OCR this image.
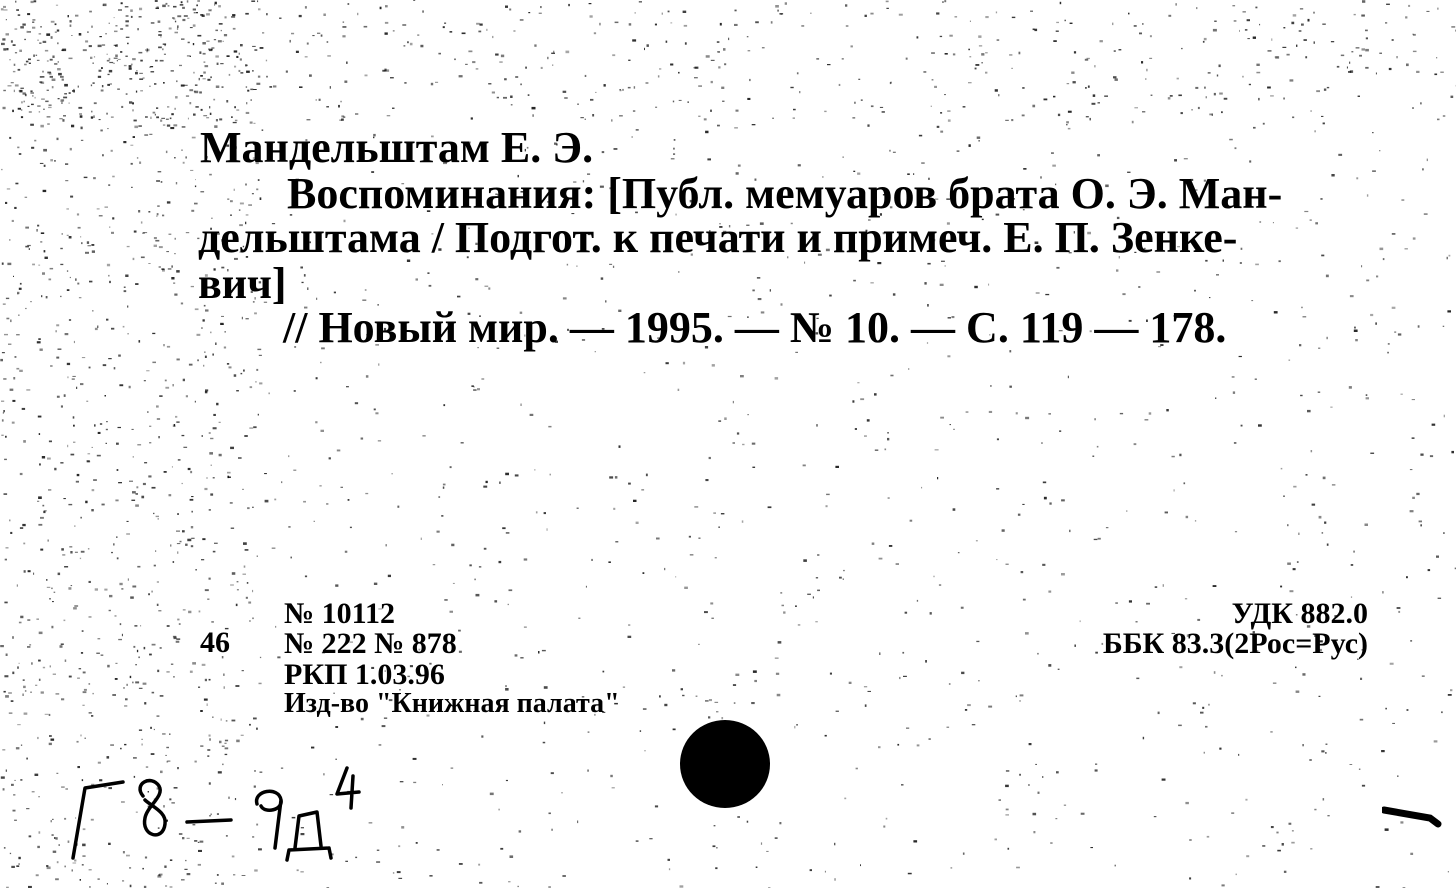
Мандельштам Е. Э.
Воспоминания: [Публ. мемуаров брата О. Э. Ман-
дельштама / Подгот. к печати и примеч. Е. П. Зенке-
вич]
// Новый мир. — 1995. — № 10. — С. 119 — 178.
46
№ 10112
№ 222 № 878
РКП 1.03.96
Изд-во "Книжная палата"
УДК 882.0
ББК 83.3(2Рос=Рус)
